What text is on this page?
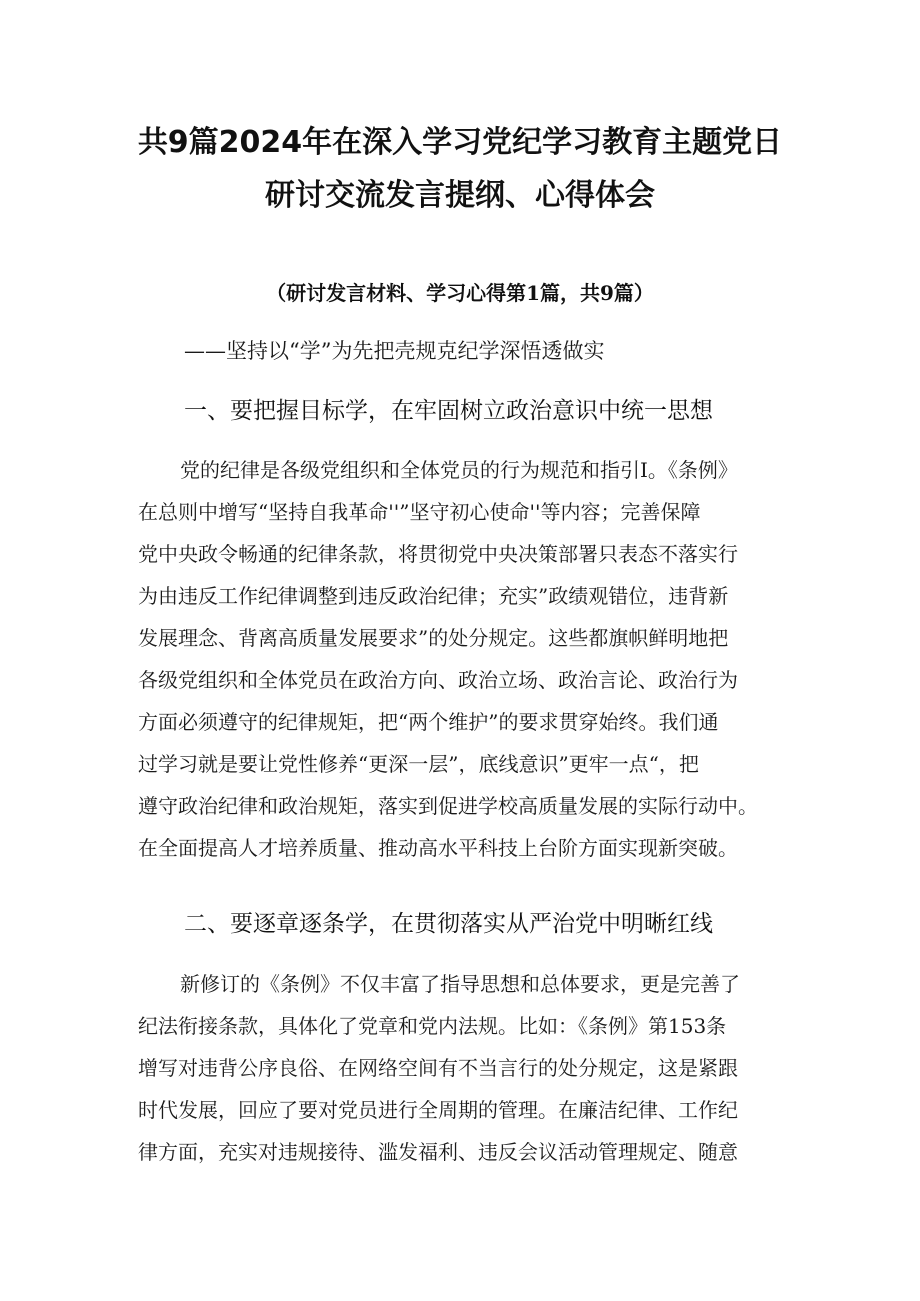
共9篇2024年在深入学习党纪学习教育主题党日
研讨交流发言提纲、心得体会
（研讨发言材料、学习心得第1篇，共9篇）
——坚持以“学”为先把壳规克纪学深悟透做实
一、要把握目标学，在牢固树立政治意识中统一思想
党的纪律是各级党组织和全体党员的行为规范和指引I。《条例》
在总则中增写“坚持自我革命''”坚守初心使命''等内容；完善保障
党中央政令畅通的纪律条款，将贯彻党中央决策部署只表态不落实行
为由违反工作纪律调整到违反政治纪律；充实”政绩观错位，违背新
发展理念、背离高质量发展要求”的处分规定。这些都旗帜鲜明地把
各级党组织和全体党员在政治方向、政治立场、政治言论、政治行为
方面必须遵守的纪律规矩，把“两个维护”的要求贯穿始终。我们通
过学习就是要让党性修养“更深一层”，底线意识”更牢一点“，把
遵守政治纪律和政治规矩，落实到促进学校高质量发展的实际行动中。
在全面提高人才培养质量、推动高水平科技上台阶方面实现新突破。
二、要逐章逐条学，在贯彻落实从严治党中明晰红线
新修订的《条例》不仅丰富了指导思想和总体要求，更是完善了
纪法衔接条款，具体化了党章和党内法规。比如：《条例》第153条
增写对违背公序良俗、在网络空间有不当言行的处分规定，这是紧跟
时代发展，回应了要对党员进行全周期的管理。在廉洁纪律、工作纪
律方面，充实对违规接待、滥发福利、违反会议活动管理规定、随意
